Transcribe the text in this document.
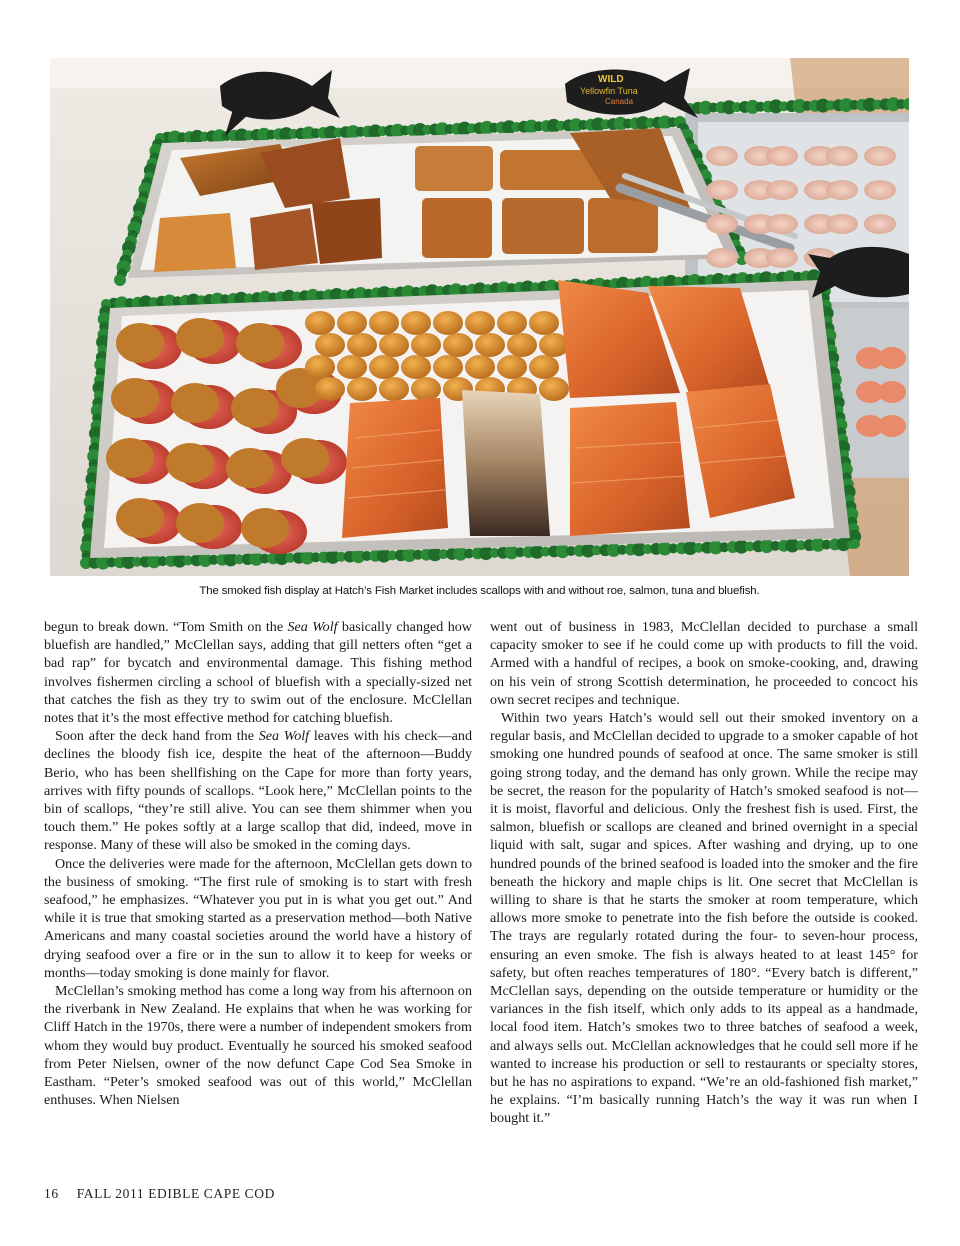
WILD
Yellowfin Tuna
Canada
The smoked fish display at Hatch’s Fish Market includes scallops with and without roe, salmon, tuna and bluefish.

begun to break down. “Tom Smith on the Sea Wolf basically changed how bluefish are handled,” McClellan says, adding that gill netters often “get a bad rap” for bycatch and environmental damage. This fishing method involves fishermen circling a school of bluefish with a specially-sized net that catches the fish as they try to swim out of the enclosure. McClellan notes that it’s the most effective method for catching bluefish.

Soon after the deck hand from the Sea Wolf leaves with his check—and declines the bloody fish ice, despite the heat of the afternoon—Buddy Berio, who has been shellfishing on the Cape for more than forty years, arrives with fifty pounds of scallops. “Look here,” McClellan points to the bin of scallops, “they’re still alive. You can see them shimmer when you touch them.” He pokes softly at a large scallop that did, indeed, move in response. Many of these will also be smoked in the coming days.

Once the deliveries were made for the afternoon, McClellan gets down to the business of smoking. “The first rule of smoking is to start with fresh seafood,” he emphasizes. “Whatever you put in is what you get out.” And while it is true that smoking started as a preservation method—both Native Americans and many coastal societies around the world have a history of drying seafood over a fire or in the sun to allow it to keep for weeks or months—today smoking is done mainly for flavor.

McClellan’s smoking method has come a long way from his afternoon on the riverbank in New Zealand. He explains that when he was working for Cliff Hatch in the 1970s, there were a number of independent smokers from whom they would buy product. Eventually he sourced his smoked seafood from Peter Nielsen, owner of the now defunct Cape Cod Sea Smoke in Eastham. “Peter’s smoked seafood was out of this world,” McClellan enthuses. When Nielsen

went out of business in 1983, McClellan decided to purchase a small capacity smoker to see if he could come up with products to fill the void. Armed with a handful of recipes, a book on smoke-cooking, and, drawing on his vein of strong Scottish determination, he proceeded to concoct his own secret recipes and technique.

Within two years Hatch’s would sell out their smoked inventory on a regular basis, and McClellan decided to upgrade to a smoker capable of hot smoking one hundred pounds of seafood at once. The same smoker is still going strong today, and the demand has only grown. While the recipe may be secret, the reason for the popularity of Hatch’s smoked seafood is not—it is moist, flavorful and delicious. Only the freshest fish is used. First, the salmon, bluefish or scallops are cleaned and brined overnight in a special liquid with salt, sugar and spices. After washing and drying, up to one hundred pounds of the brined seafood is loaded into the smoker and the fire beneath the hickory and maple chips is lit. One secret that McClellan is willing to share is that he starts the smoker at room temperature, which allows more smoke to penetrate into the fish before the outside is cooked. The trays are regularly rotated during the four- to seven-hour process, ensuring an even smoke. The fish is always heated to at least 145° for safety, but often reaches temperatures of 180°. “Every batch is different,” McClellan says, depending on the outside temperature or humidity or the variances in the fish itself, which only adds to its appeal as a handmade, local food item. Hatch’s smokes two to three batches of seafood a week, and always sells out. McClellan acknowledges that he could sell more if he wanted to increase his production or sell to restaurants or specialty stores, but he has no aspirations to expand. “We’re an old-fashioned fish market,” he explains. “I’m basically running Hatch’s the way it was run when I bought it.”

16 FALL 2011 EDIBLE CAPE COD
